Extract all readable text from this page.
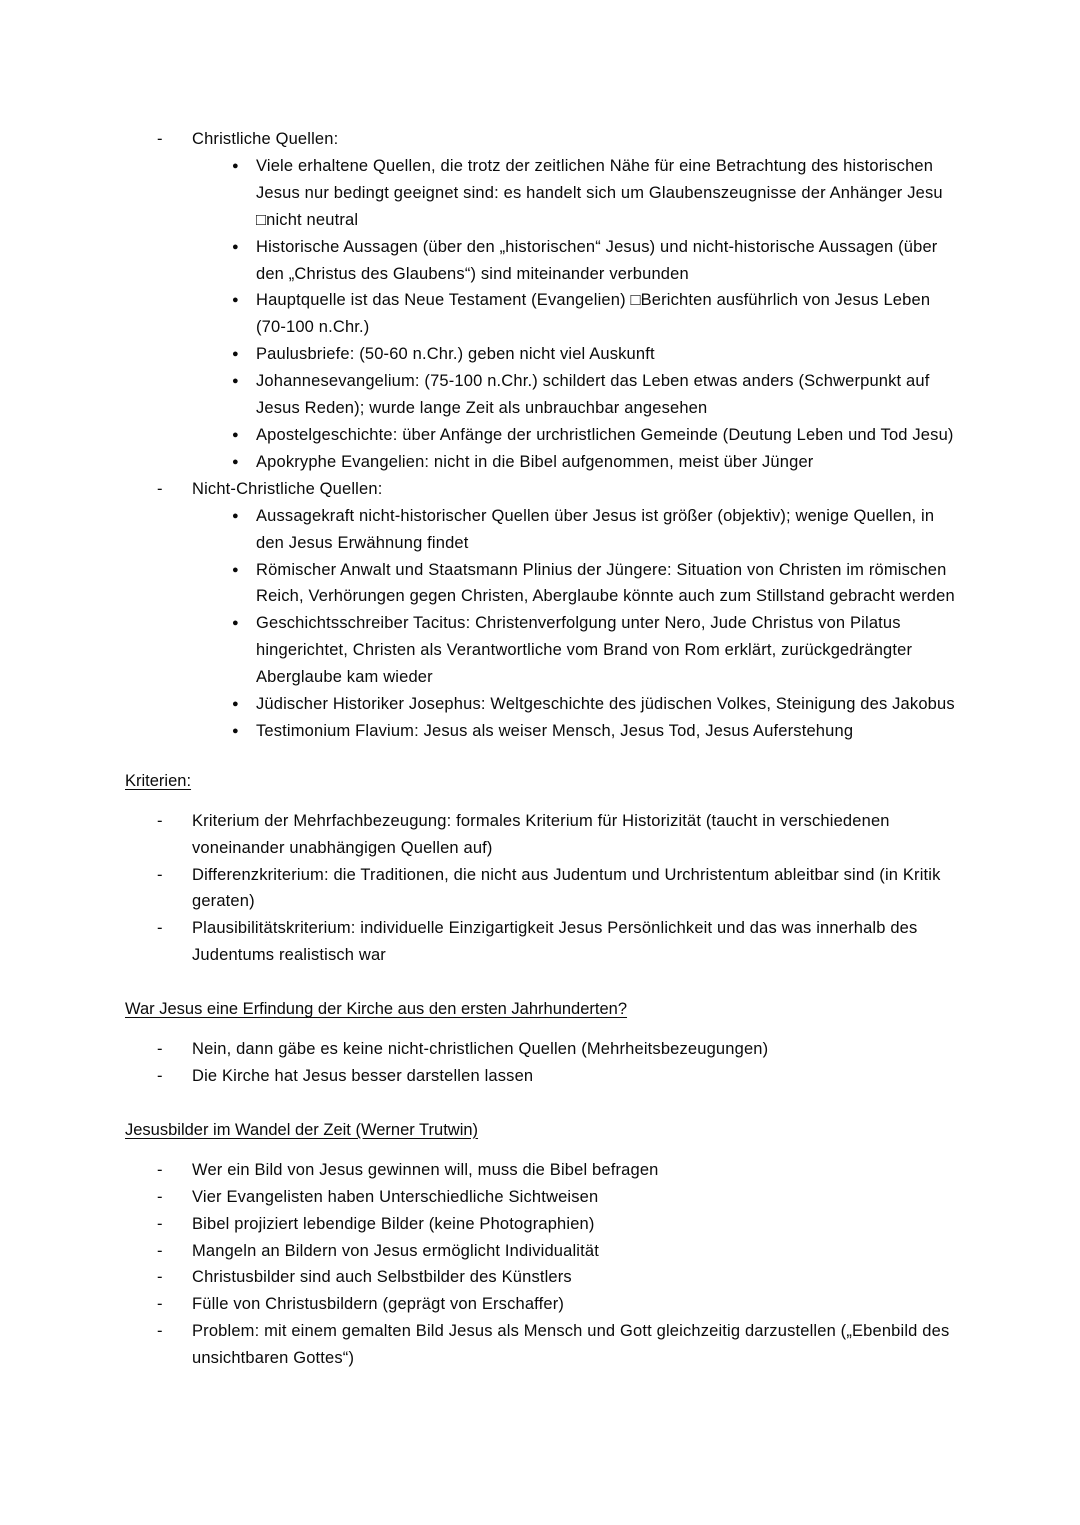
-	Christliche Quellen:
●	Viele erhaltene Quellen, die trotz der zeitlichen Nähe für eine Betrachtung des historischen Jesus nur bedingt geeignet sind: es handelt sich um Glaubenszeugnisse der Anhänger Jesu □nicht neutral
●	Historische Aussagen (über den „historischen“ Jesus) und nicht-historische Aussagen (über den „Christus des Glaubens“) sind miteinander verbunden
●	Hauptquelle ist das Neue Testament (Evangelien) □Berichten ausführlich von Jesus Leben (70-100 n.Chr.)
●	Paulusbriefe: (50-60 n.Chr.) geben nicht viel Auskunft
●	Johannesevangelium: (75-100 n.Chr.) schildert das Leben etwas anders (Schwerpunkt auf Jesus Reden); wurde lange Zeit als unbrauchbar angesehen
●	Apostelgeschichte: über Anfänge der urchristlichen Gemeinde (Deutung Leben und Tod Jesu)
●	Apokryphe Evangelien: nicht in die Bibel aufgenommen, meist über Jünger
-	Nicht-Christliche Quellen:
●	Aussagekraft nicht-historischer Quellen über Jesus ist größer (objektiv); wenige Quellen, in den Jesus Erwähnung findet
●	Römischer Anwalt und Staatsmann Plinius der Jüngere: Situation von Christen im römischen Reich, Verhörungen gegen Christen, Aberglaube könnte auch zum Stillstand gebracht werden
●	Geschichtsschreiber Tacitus: Christenverfolgung unter Nero, Jude Christus von Pilatus hingerichtet, Christen als Verantwortliche vom Brand von Rom erklärt, zurückgedrängter Aberglaube kam wieder
●	Jüdischer Historiker Josephus: Weltgeschichte des jüdischen Volkes, Steinigung des Jakobus
●	Testimonium Flavium: Jesus als weiser Mensch, Jesus Tod, Jesus Auferstehung
Kriterien:
-	Kriterium der Mehrfachbezeugung: formales Kriterium für Historizität (taucht in verschiedenen voneinander unabhängigen Quellen auf)
-	Differenzkriterium: die Traditionen, die nicht aus Judentum und Urchristentum ableitbar sind (in Kritik geraten)
-	Plausibilitätskriterium: individuelle Einzigartigkeit Jesus Persönlichkeit und das was innerhalb des Judentums realistisch war
War Jesus eine Erfindung der Kirche aus den ersten Jahrhunderten?
-	Nein, dann gäbe es keine nicht-christlichen Quellen (Mehrheitsbezeugungen)
-	Die Kirche hat Jesus besser darstellen lassen
Jesusbilder im Wandel der Zeit (Werner Trutwin)
-	Wer ein Bild von Jesus gewinnen will, muss die Bibel befragen
-	Vier Evangelisten haben Unterschiedliche Sichtweisen
-	Bibel projiziert lebendige Bilder (keine Photographien)
-	Mangeln an Bildern von Jesus ermöglicht Individualität
-	Christusbilder sind auch Selbstbilder des Künstlers
-	Fülle von Christusbildern (geprägt von Erschaffer)
-	Problem: mit einem gemalten Bild Jesus als Mensch und Gott gleichzeitig darzustellen („Ebenbild des unsichtbaren Gottes“)
